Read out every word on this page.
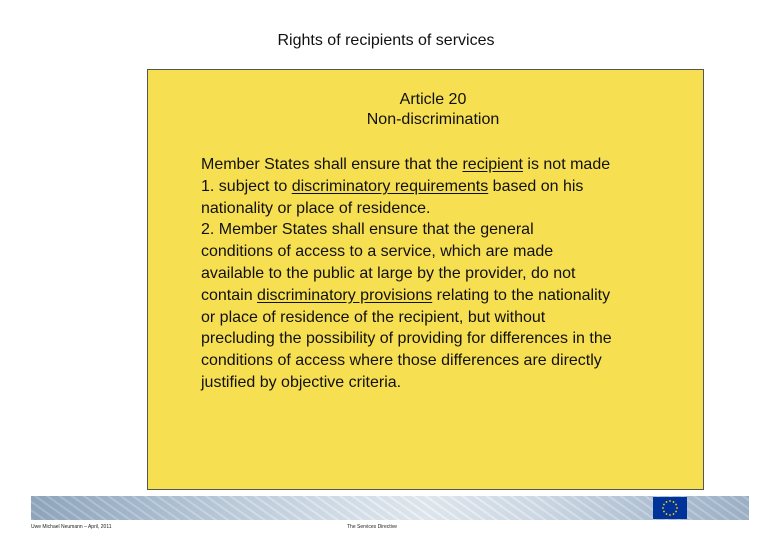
Rights of recipients of services
Article 20
Non-discrimination
Member States shall ensure that the recipient is not made
1. subject to discriminatory requirements based on his
nationality or place of residence.
2. Member States shall ensure that the general
conditions of access to a service, which are made
available to the public at large by the provider, do not
contain discriminatory provisions relating to the nationality
or place of residence of the recipient, but without
precluding the possibility of providing for differences in the
conditions of access where those differences are directly
justified by objective criteria.
Uwe Michael Neumann – April, 2011	The Services Directive
